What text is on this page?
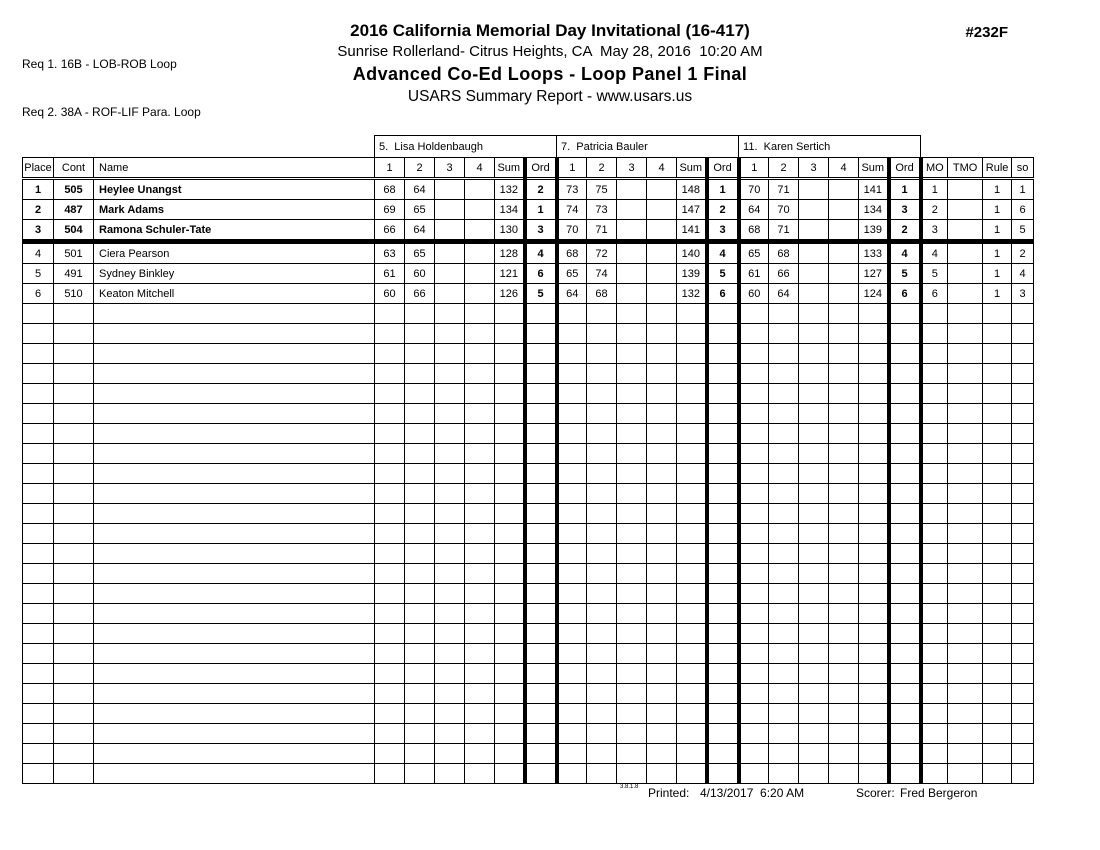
Req 1. 16B - LOB-ROB Loop

Req 2. 38A - ROF-LIF Para. Loop

2016 California Memorial Day Invitational (16-417)
Sunrise Rollerland- Citrus Heights, CA  May 28, 2016  10:20 AM
Advanced Co-Ed Loops - Loop Panel 1 Final
USARS Summary Report - www.usars.us
#232F
			5.  Lisa Holdenbaugh						7.  Patricia Bauler						11.  Karen Sertich									
Place	Cont	Name	1	2	3	4	Sum	Ord	1	2	3	4	Sum	Ord	1	2	3	4	Sum	Ord	MO	TMO	Rule	so
1	505	Heylee Unangst	68	64			132	2	73	75			148	1	70	71			141	1	1		1	1
2	487	Mark Adams	69	65			134	1	74	73			147	2	64	70			134	3	2		1	6
3	504	Ramona Schuler-Tate	66	64			130	3	70	71			141	3	68	71			139	2	3		1	5
4	501	Ciera Pearson	63	65			128	4	68	72			140	4	65	68			133	4	4		1	2
5	491	Sydney Binkley	61	60			121	6	65	74			139	5	61	66			127	5	5		1	4
6	510	Keaton Mitchell	60	66			126	5	64	68			132	6	60	64			124	6	6		1	3

3.8.1.8 Printed: 4/13/2017  6:20 AM	Scorer: Fred Bergeron
